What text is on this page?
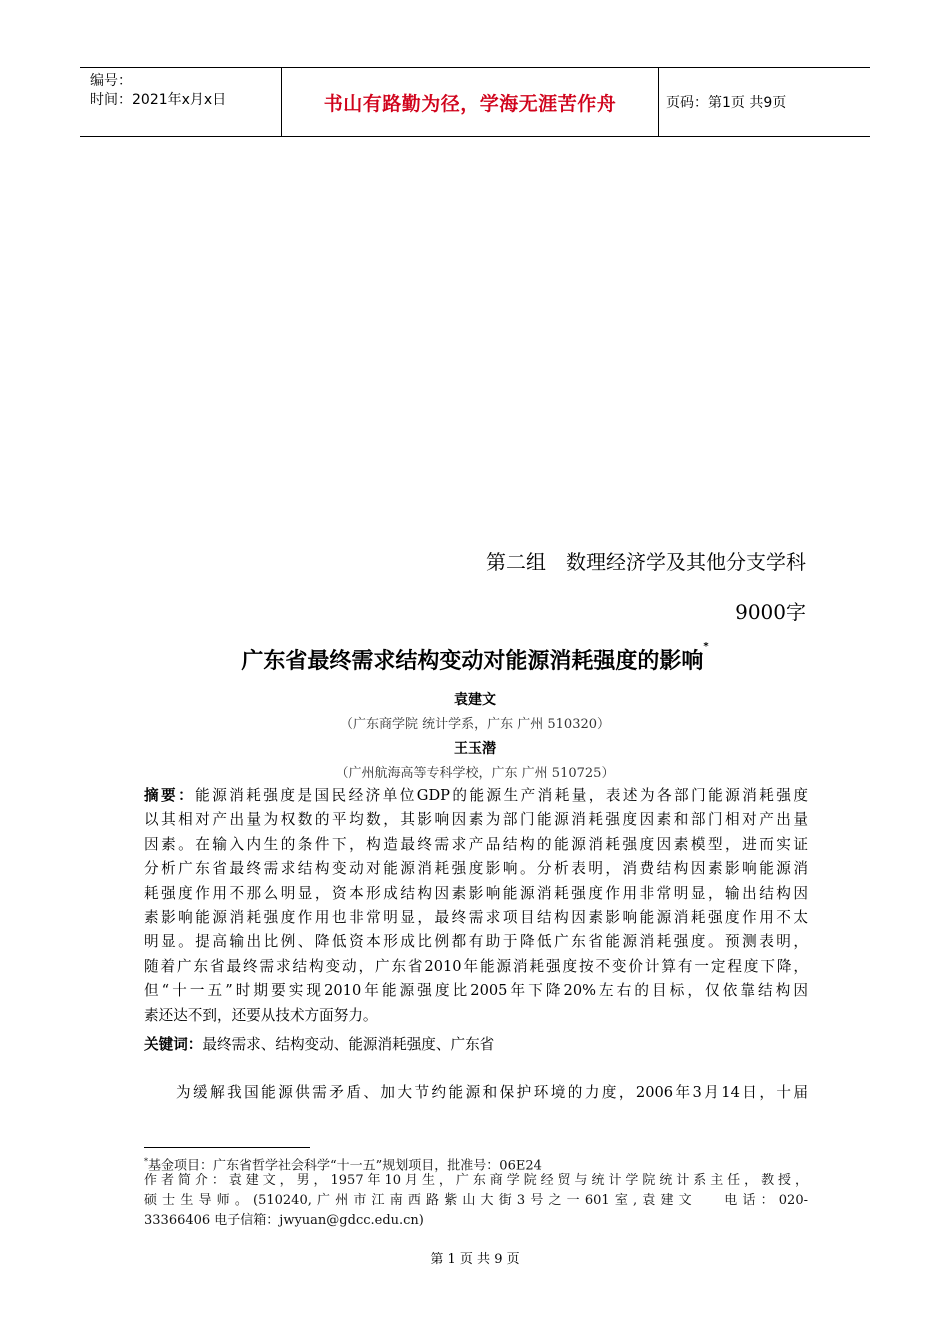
编号：
时间：2021年x月x日	书山有路勤为径，学海无涯苦作舟	页码：第1页 共9页
第二组　数理经济学及其他分支学科
9000字
广东省最终需求结构变动对能源消耗强度的影响*
袁建文
（广东商学院 统计学系，广东 广州 510320）
王玉潜
（广州航海高等专科学校，广东 广州 510725）
摘要：能源消耗强度是国民经济单位GDP的能源生产消耗量，表述为各部门能源消耗强度
以其相对产出量为权数的平均数，其影响因素为部门能源消耗强度因素和部门相对产出量
因素。在输入内生的条件下，构造最终需求产品结构的能源消耗强度因素模型，进而实证
分析广东省最终需求结构变动对能源消耗强度影响。分析表明，消费结构因素影响能源消
耗强度作用不那么明显，资本形成结构因素影响能源消耗强度作用非常明显，输出结构因
素影响能源消耗强度作用也非常明显，最终需求项目结构因素影响能源消耗强度作用不太
明显。提高输出比例、降低资本形成比例都有助于降低广东省能源消耗强度。预测表明，
随着广东省最终需求结构变动，广东省2010年能源消耗强度按不变价计算有一定程度下降，
但“十一五”时期要实现2010年能源强度比2005年下降20%左右的目标，仅依靠结构因
素还达不到，还要从技术方面努力。
关键词：最终需求、结构变动、能源消耗强度、广东省
为缓解我国能源供需矛盾、加大节约能源和保护环境的力度，2006年3月14日，十届
*基金项目：广东省哲学社会科学“十一五”规划项目，批准号：06E24
作者简介：袁建文，男，1957年10月生，广东商学院经贸与统计学院统计系主任，教授，
硕士生导师。(510240,广州市江南西路紫山大街3号之一601室,袁建文　 电话：020-
33366406 电子信箱：jwyuan@gdcc.edu.cn)
第 1 页 共 9 页
